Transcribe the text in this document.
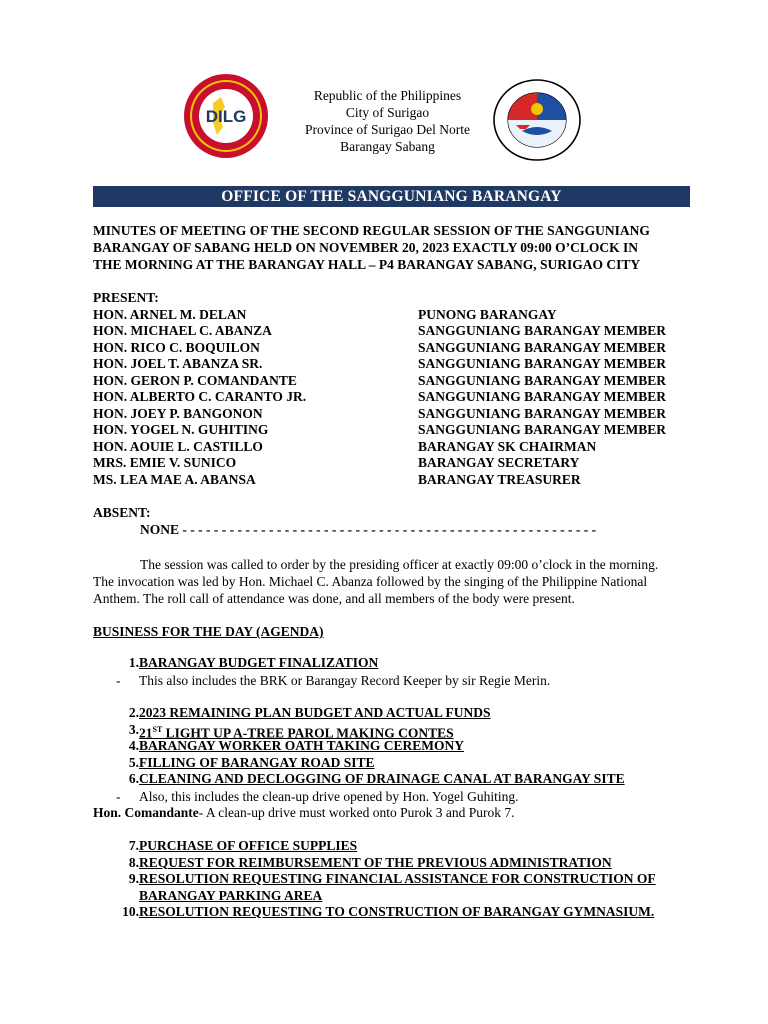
DILG
Republic of the Philippines
City of Surigao
Province of Surigao Del Norte
Barangay Sabang
OFFICE OF THE SANGGUNIANG BARANGAY
MINUTES OF MEETING OF THE SECOND REGULAR SESSION OF THE SANGGUNIANG
BARANGAY OF SABANG HELD ON NOVEMBER 20, 2023 EXACTLY 09:00 O’CLOCK IN
THE MORNING AT THE BARANGAY HALL – P4 BARANGAY SABANG, SURIGAO CITY
PRESENT:
HON. ARNEL M. DELAN	PUNONG BARANGAY
HON. MICHAEL C. ABANZA	SANGGUNIANG BARANGAY MEMBER
HON. RICO C. BOQUILON	SANGGUNIANG BARANGAY MEMBER
HON. JOEL T. ABANZA SR.	SANGGUNIANG BARANGAY MEMBER
HON. GERON P. COMANDANTE	SANGGUNIANG BARANGAY MEMBER
HON. ALBERTO C. CARANTO JR.	SANGGUNIANG BARANGAY MEMBER
HON. JOEY P. BANGONON	SANGGUNIANG BARANGAY MEMBER
HON. YOGEL N. GUHITING	SANGGUNIANG BARANGAY MEMBER
HON. AOUIE L. CASTILLO	BARANGAY SK CHAIRMAN
MRS. EMIE V. SUNICO	BARANGAY SECRETARY
MS. LEA MAE A. ABANSA	BARANGAY TREASURER
ABSENT:
NONE - - - - - - - - - - - - - - - - - - - - - - - - - - - - - - - - - - - - - - - - - - - - - - - - - - - - -
The session was called to order by the presiding officer at exactly 09:00 o’clock in the morning.
The invocation was led by Hon. Michael C. Abanza followed by the singing of the Philippine National
Anthem. The roll call of attendance was done, and all members of the body were present.
BUSINESS FOR THE DAY (AGENDA)
1. BARANGAY BUDGET FINALIZATION
- This also includes the BRK or Barangay Record Keeper by sir Regie Merin.
2. 2023 REMAINING PLAN BUDGET AND ACTUAL FUNDS
3. 21ST LIGHT UP A-TREE PAROL MAKING CONTES
4. BARANGAY WORKER OATH TAKING CEREMONY
5. FILLING OF BARANGAY ROAD SITE
6. CLEANING AND DECLOGGING OF DRAINAGE CANAL AT BARANGAY SITE
- Also, this includes the clean-up drive opened by Hon. Yogel Guhiting.
Hon. Comandante- A clean-up drive must worked onto Purok 3 and Purok 7.
7. PURCHASE OF OFFICE SUPPLIES
8. REQUEST FOR REIMBURSEMENT OF THE PREVIOUS ADMINISTRATION
9. RESOLUTION REQUESTING FINANCIAL ASSISTANCE FOR CONSTRUCTION OF
BARANGAY PARKING AREA
10. RESOLUTION REQUESTING TO CONSTRUCTION OF BARANGAY GYMNASIUM.
